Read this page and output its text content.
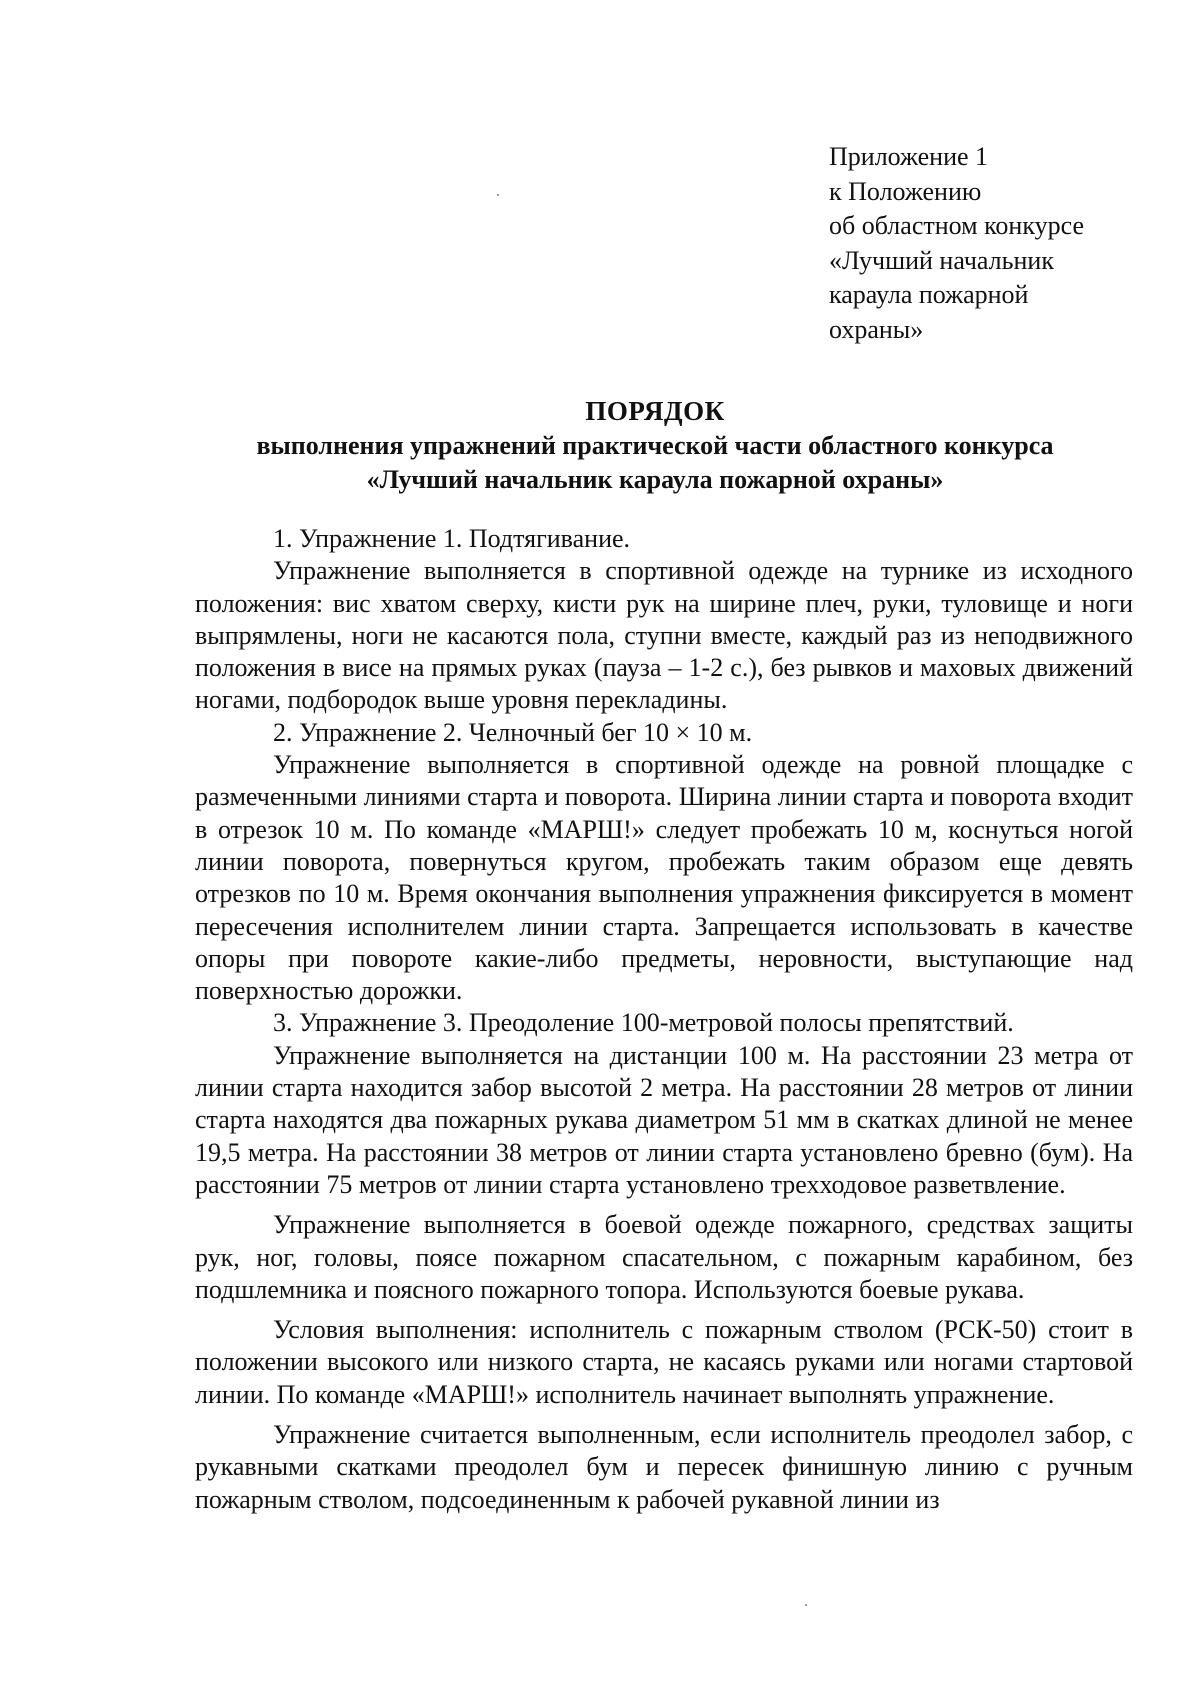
Приложение 1
к Положению
об областном конкурсе
«Лучший начальник
караула пожарной
охраны»
ПОРЯДОК
выполнения упражнений практической части областного конкурса
«Лучший начальник караула пожарной охраны»

1. Упражнение 1. Подтягивание.

Упражнение выполняется в спортивной одежде на турнике из исходного положения: вис хватом сверху, кисти рук на ширине плеч, руки, туловище и ноги выпрямлены, ноги не касаются пола, ступни вместе, каждый раз из неподвижного положения в висе на прямых руках (пауза – 1-2 с.), без рывков и маховых движений ногами, подбородок выше уровня перекладины.

2. Упражнение 2. Челночный бег 10 × 10 м.

Упражнение выполняется в спортивной одежде на ровной площадке с размеченными линиями старта и поворота. Ширина линии старта и поворота входит в отрезок 10 м. По команде «МАРШ!» следует пробежать 10 м, коснуться ногой линии поворота, повернуться кругом, пробежать таким образом еще девять отрезков по 10 м. Время окончания выполнения упражнения фиксируется в момент пересечения исполнителем линии старта. Запрещается использовать в качестве опоры при повороте какие-либо предметы, неровности, выступающие над поверхностью дорожки.

3. Упражнение 3. Преодоление 100-метровой полосы препятствий.

Упражнение выполняется на дистанции 100 м. На расстоянии 23 метра от линии старта находится забор высотой 2 метра. На расстоянии 28 метров от линии старта находятся два пожарных рукава диаметром 51 мм в скатках длиной не менее 19,5 метра. На расстоянии 38 метров от линии старта установлено бревно (бум). На расстоянии 75 метров от линии старта установлено трехходовое разветвление.

Упражнение выполняется в боевой одежде пожарного, средствах защиты рук, ног, головы, поясе пожарном спасательном, с пожарным карабином, без подшлемника и поясного пожарного топора. Используются боевые рукава.

Условия выполнения: исполнитель с пожарным стволом (РСК-50) стоит в положении высокого или низкого старта, не касаясь руками или ногами стартовой линии. По команде «МАРШ!» исполнитель начинает выполнять упражнение.

Упражнение считается выполненным, если исполнитель преодолел забор, с рукавными скатками преодолел бум и пересек финишную линию с ручным пожарным стволом, подсоединенным к рабочей рукавной линии из
